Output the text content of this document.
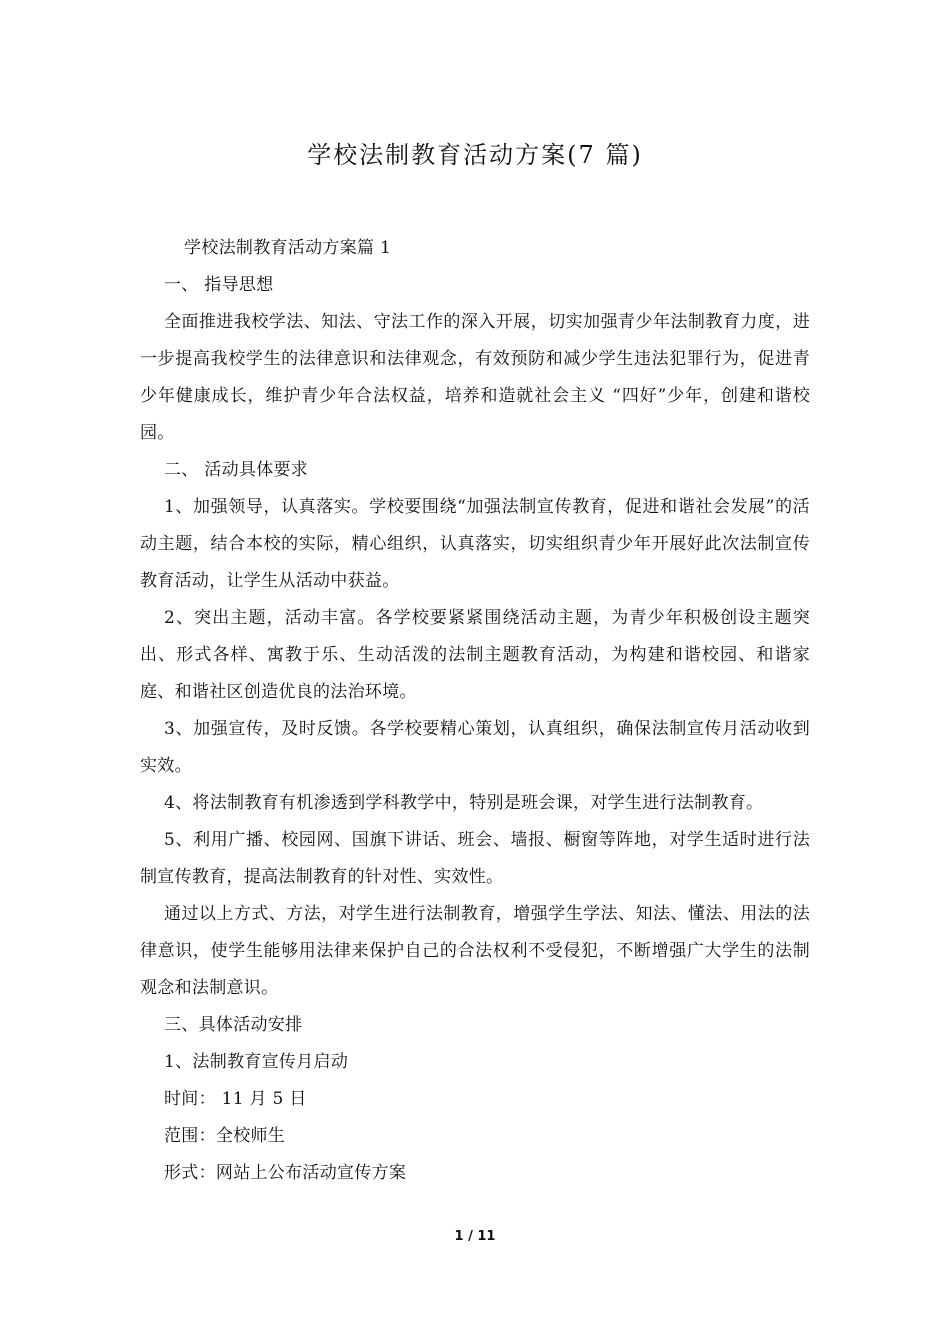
学校法制教育活动方案(7 篇)

学校法制教育活动方案篇 1

一、 指导思想

全面推进我校学法、知法、守法工作的深入开展，切实加强青少年法制教育力度，进一步提高我校学生的法律意识和法律观念，有效预防和减少学生违法犯罪行为，促进青少年健康成长，维护青少年合法权益，培养和造就社会主义 “四好”少年，创建和谐校园。

二、 活动具体要求

1、加强领导，认真落实。学校要围绕“加强法制宣传教育，促进和谐社会发展”的活动主题，结合本校的实际，精心组织，认真落实，切实组织青少年开展好此次法制宣传教育活动，让学生从活动中获益。

2、突出主题，活动丰富。各学校要紧紧围绕活动主题，为青少年积极创设主题突出、形式各样、寓教于乐、生动活泼的法制主题教育活动，为构建和谐校园、和谐家庭、和谐社区创造优良的法治环境。

3、加强宣传，及时反馈。各学校要精心策划，认真组织，确保法制宣传月活动收到实效。

4、将法制教育有机渗透到学科教学中，特别是班会课，对学生进行法制教育。

5、利用广播、校园网、国旗下讲话、班会、墙报、橱窗等阵地，对学生适时进行法制宣传教育，提高法制教育的针对性、实效性。

通过以上方式、方法，对学生进行法制教育，增强学生学法、知法、懂法、用法的法律意识，使学生能够用法律来保护自己的合法权利不受侵犯，不断增强广大学生的法制观念和法制意识。

三、具体活动安排

1、法制教育宣传月启动

时间： 11 月 5 日

范围：全校师生

形式：网站上公布活动宣传方案

1 / 11
